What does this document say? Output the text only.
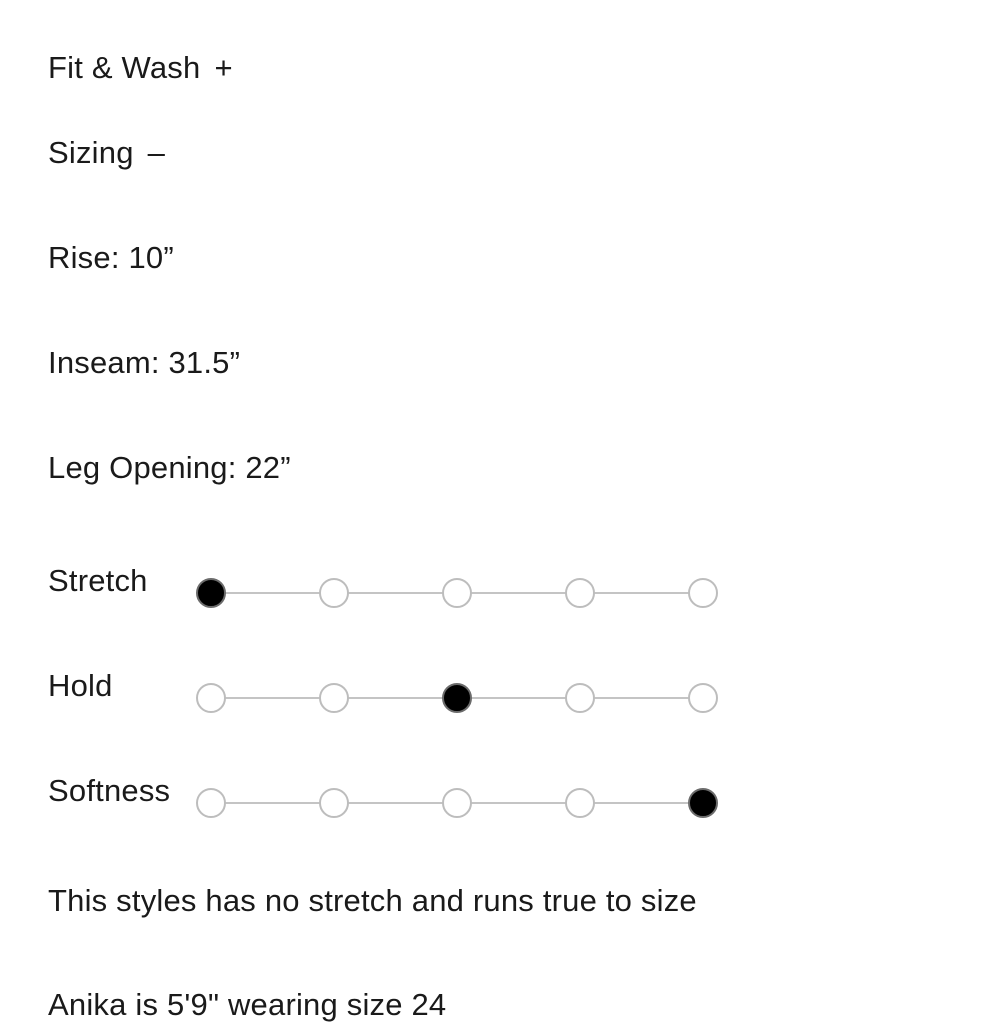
Fit & Wash +
Sizing –
Rise: 10”
Inseam: 31.5”
Leg Opening: 22”
Stretch
Hold
Softness
This styles has no stretch and runs true to size
Anika is 5'9" wearing size 24
